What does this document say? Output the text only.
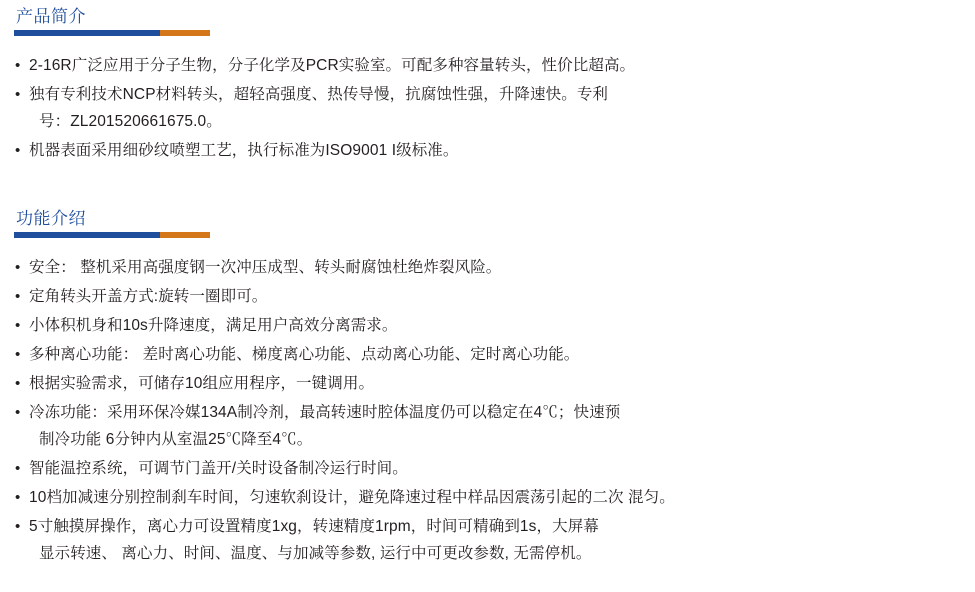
产品简介
• 2-16R广泛应用于分子生物，分子化学及PCR实验室。可配多种容量转头，性价比超高。
• 独有专利技术NCP材料转头，超轻高强度、热传导慢，抗腐蚀性强，升降速快。专利
号：ZL201520661675.0。
• 机器表面采用细砂纹喷塑工艺，执行标准为ISO9001 I级标准。
功能介绍
• 安全： 整机采用高强度钢一次冲压成型、转头耐腐蚀杜绝炸裂风险。
• 定角转头开盖方式:旋转一圈即可。
• 小体积机身和10s升降速度，满足用户高效分离需求。
• 多种离心功能： 差时离心功能、梯度离心功能、点动离心功能、定时离心功能。
• 根据实验需求，可储存10组应用程序，一键调用。
• 冷冻功能：采用环保冷媒134A制冷剂，最高转速时腔体温度仍可以稳定在4℃；快速预
制冷功能 6分钟内从室温25℃降至4℃。
• 智能温控系统，可调节门盖开/关时设备制冷运行时间。
• 10档加减速分别控制刹车时间，匀速软刹设计，避免降速过程中样品因震荡引起的二次 混匀。
• 5寸触摸屏操作，离心力可设置精度1xg，转速精度1rpm，时间可精确到1s，大屏幕
显示转速、 离心力、时间、温度、与加减等参数, 运行中可更改参数, 无需停机。
